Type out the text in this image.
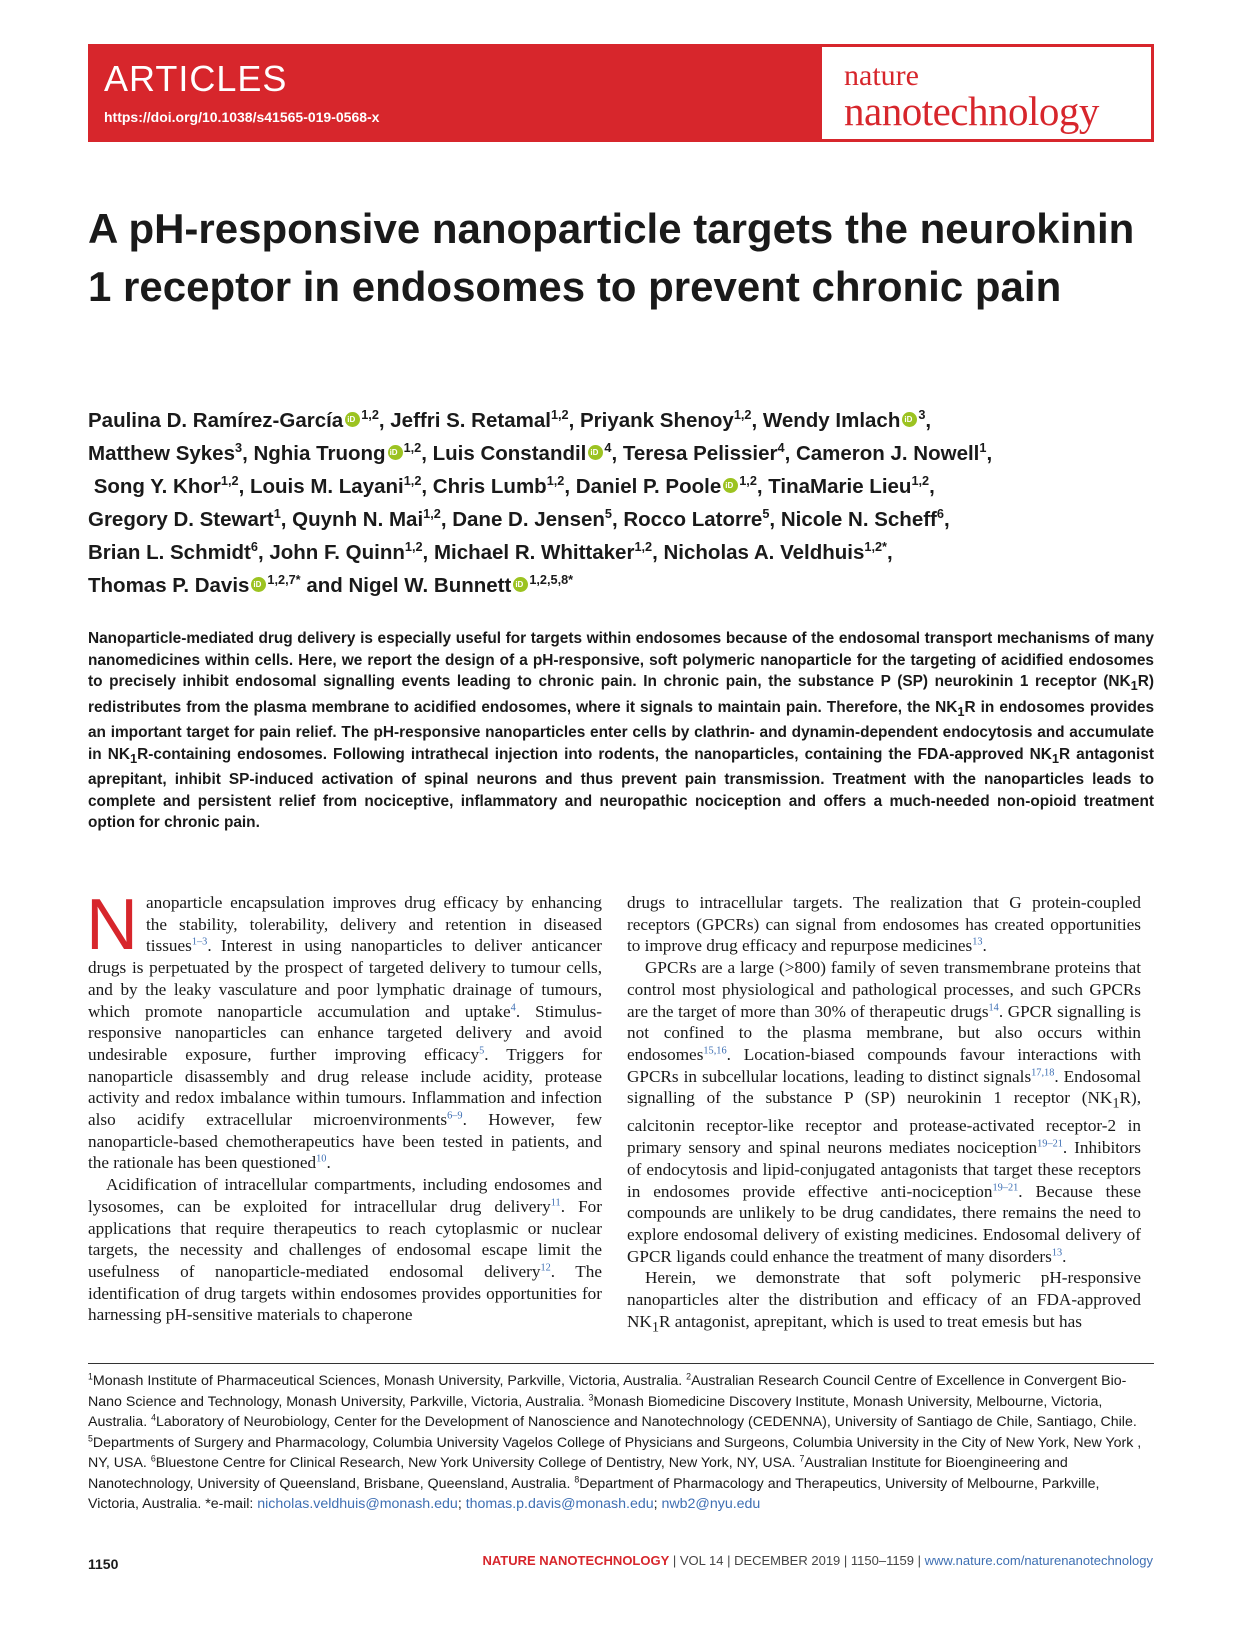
ARTICLES
https://doi.org/10.1038/s41565-019-0568-x
nature
nanotechnology
A pH-responsive nanoparticle targets the neurokinin 1 receptor in endosomes to prevent chronic pain
Paulina D. Ramírez-García iD $^{1,2}$, Jeffri S. Retamal$^{1,2}$, Priyank Shenoy$^{1,2}$, Wendy Imlach iD $^3$,
Matthew Sykes$^3$, Nghia Truong iD $^{1,2}$, Luis Constandil iD $^4$, Teresa Pelissier$^4$, Cameron J. Nowell$^1$,
Song Y. Khor$^{1,2}$, Louis M. Layani$^{1,2}$, Chris Lumb$^{1,2}$, Daniel P. Poole iD $^{1,2}$, TinaMarie Lieu$^{1,2}$,
Gregory D. Stewart$^1$, Quynh N. Mai$^{1,2}$, Dane D. Jensen$^5$, Rocco Latorre$^5$, Nicole N. Scheff$^6$,
Brian L. Schmidt$^6$, John F. Quinn$^{1,2}$, Michael R. Whittaker$^{1,2}$, Nicholas A. Veldhuis$^{1,2*}$,
Thomas P. Davis iD $^{1,2,7*}$ and Nigel W. Bunnett iD $^{1,2,5,8*}$

Nanoparticle-mediated drug delivery is especially useful for targets within endosomes because of the endosomal transport mechanisms of many nanomedicines within cells. Here, we report the design of a pH-responsive, soft polymeric nanoparticle for the targeting of acidified endosomes to precisely inhibit endosomal signalling events leading to chronic pain. In chronic pain, the substance P (SP) neurokinin 1 receptor $(NK_1R)$ redistributes from the plasma membrane to acidified endosomes, where it signals to maintain pain. Therefore, the $NK_1R$ in endosomes provides an important target for pain relief. The pH-responsive nanoparticles enter cells by clathrin- and dynamin-dependent endocytosis and accumulate in $NK_1R$-containing endosomes. Following intrathecal injection into rodents, the nanoparticles, containing the FDA-approved $NK_1R$ antagonist aprepitant, inhibit SP-induced activation of spinal neurons and thus prevent pain transmission. Treatment with the nanoparticles leads to complete and persistent relief from nociceptive, inflammatory and neuropathic nociception and offers a much-needed non-opioid treatment option for chronic pain.

Nanoparticle encapsulation improves drug efficacy by enhancing the stability, tolerability, delivery and retention in diseased tissues$^{1-3}$. Interest in using nanoparticles to deliver anticancer drugs is perpetuated by the prospect of targeted delivery to tumour cells, and by the leaky vasculature and poor lymphatic drainage of tumours, which promote nanoparticle accumulation and uptake$^4$. Stimulus-responsive nanoparticles can enhance targeted delivery and avoid undesirable exposure, further improving efficacy$^5$. Triggers for nanoparticle disassembly and drug release include acidity, protease activity and redox imbalance within tumours. Inflammation and infection also acidify extracellular microenvironments$^{6-9}$. However, few nanoparticle-based chemotherapeutics have been tested in patients, and the rationale has been questioned$^{10}$.

Acidification of intracellular compartments, including endosomes and lysosomes, can be exploited for intracellular drug delivery$^{11}$. For applications that require therapeutics to reach cytoplasmic or nuclear targets, the necessity and challenges of endosomal escape limit the usefulness of nanoparticle-mediated endosomal delivery$^{12}$. The identification of drug targets within endosomes provides opportunities for harnessing pH-sensitive materials to chaperone

drugs to intracellular targets. The realization that G protein-coupled receptors (GPCRs) can signal from endosomes has created opportunities to improve drug efficacy and repurpose medicines$^{13}$.

GPCRs are a large (>800) family of seven transmembrane proteins that control most physiological and pathological processes, and such GPCRs are the target of more than 30% of therapeutic drugs$^{14}$. GPCR signalling is not confined to the plasma membrane, but also occurs within endosomes$^{15,16}$. Location-biased compounds favour interactions with GPCRs in subcellular locations, leading to distinct signals$^{17,18}$. Endosomal signalling of the substance P (SP) neurokinin 1 receptor $(NK_1R)$, calcitonin receptor-like receptor and protease-activated receptor-2 in primary sensory and spinal neurons mediates nociception$^{19-21}$. Inhibitors of endocytosis and lipid-conjugated antagonists that target these receptors in endosomes provide effective anti-nociception$^{19-21}$. Because these compounds are unlikely to be drug candidates, there remains the need to explore endosomal delivery of existing medicines. Endosomal delivery of GPCR ligands could enhance the treatment of many disorders$^{13}$.

Herein, we demonstrate that soft polymeric pH-responsive nanoparticles alter the distribution and efficacy of an FDA-approved $NK_1R$ antagonist, aprepitant, which is used to treat emesis but has

$^1$Monash Institute of Pharmaceutical Sciences, Monash University, Parkville, Victoria, Australia. $^2$Australian Research Council Centre of Excellence in Convergent Bio-Nano Science and Technology, Monash University, Parkville, Victoria, Australia. $^3$Monash Biomedicine Discovery Institute, Monash University, Melbourne, Victoria, Australia. $^4$Laboratory of Neurobiology, Center for the Development of Nanoscience and Nanotechnology (CEDENNA), University of Santiago de Chile, Santiago, Chile. $^5$Departments of Surgery and Pharmacology, Columbia University Vagelos College of Physicians and Surgeons, Columbia University in the City of New York, New York , NY, USA. $^6$Bluestone Centre for Clinical Research, New York University College of Dentistry, New York, NY, USA. $^7$Australian Institute for Bioengineering and Nanotechnology, University of Queensland, Brisbane, Queensland, Australia. $^8$Department of Pharmacology and Therapeutics, University of Melbourne, Parkville, Victoria, Australia. *e-mail: nicholas.veldhuis@monash.edu; thomas.p.davis@monash.edu; nwb2@nyu.edu

1150	NATURE NANOTECHNOLOGY | VOL 14 | DECEMBER 2019 | 1150–1159 | www.nature.com/naturenanotechnology
